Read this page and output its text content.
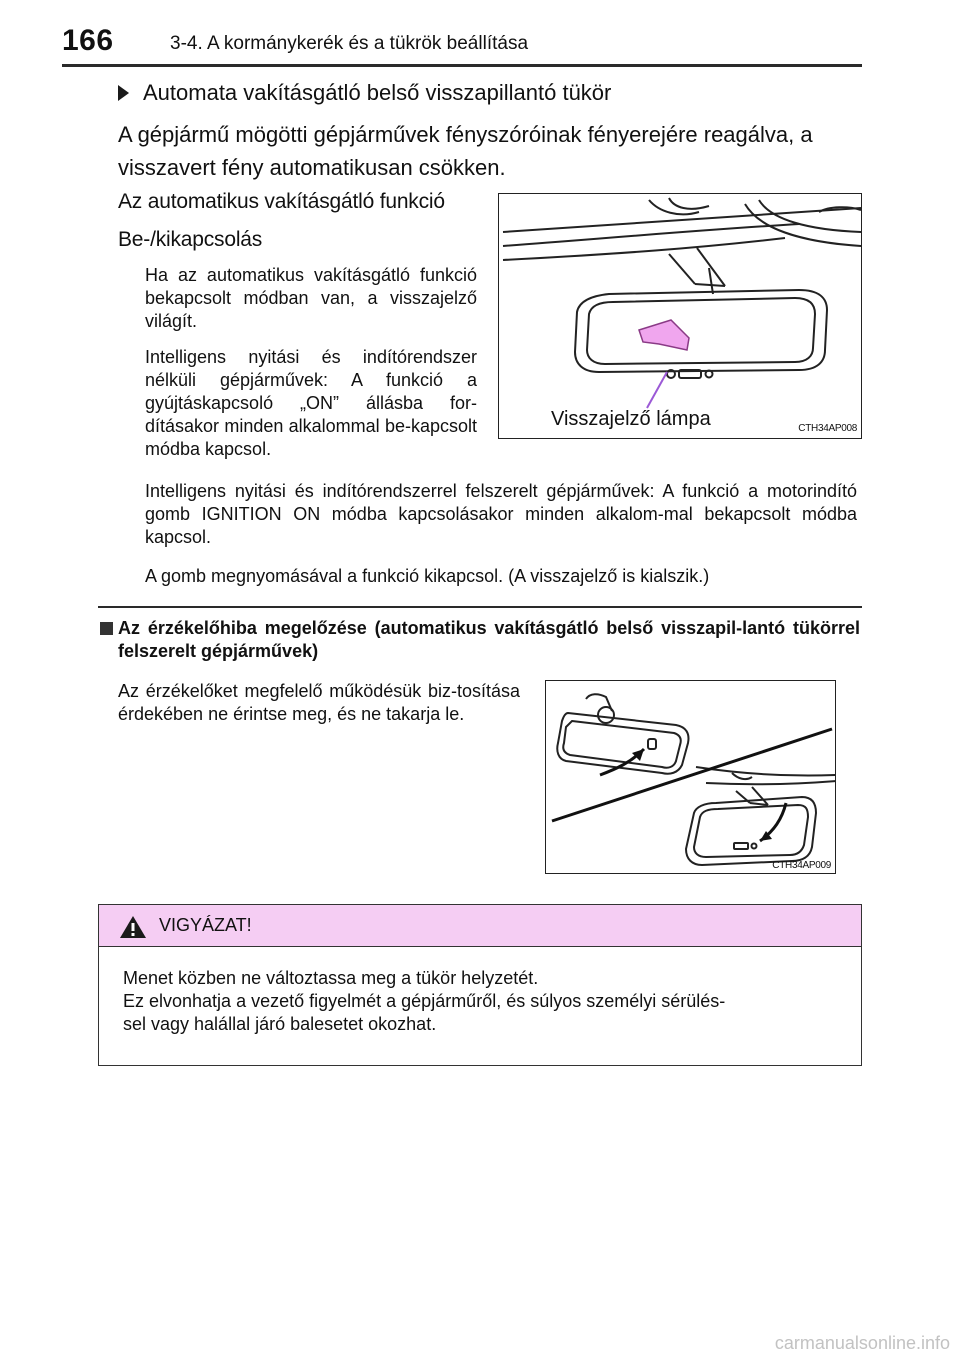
166	3-4. A kormánykerék és a tükrök beállítása
Automata vakításgátló belső visszapillantó tükör
A gépjármű mögötti gépjárművek fényszóróinak fényerejére reagálva, a visszavert fény automatikusan csökken.
Az automatikus vakításgátló funkció
Be-/kikapcsolás
Ha az automatikus vakításgátló funkció bekapcsolt módban van, a visszajelző világít.
Intelligens nyitási és indítórendszer nélküli gépjárművek: A funkció a gyújtáskapcsoló „ON” állásba for-dításakor minden alkalommal be-kapcsolt módba kapcsol.
Intelligens nyitási és indítórendszerrel felszerelt gépjárművek: A funkció a motorindító gomb IGNITION ON módba kapcsolásakor minden alkalom-mal bekapcsolt módba kapcsol.
A gomb megnyomásával a funkció kikapcsol. (A visszajelző is kialszik.)
Visszajelző lámpa	CTH34AP008
Az érzékelőhiba megelőzése (automatikus vakításgátló belső visszapil-lantó tükörrel felszerelt gépjárművek)
Az érzékelőket megfelelő működésük biz-tosítása érdekében ne érintse meg, és ne takarja le.
CTH34AP009
VIGYÁZAT!
Menet közben ne változtassa meg a tükör helyzetét.
Ez elvonhatja a vezető figyelmét a gépjárműről, és súlyos személyi sérülés-
sel vagy halállal járó balesetet okozhat.
carmanualsonline.info
